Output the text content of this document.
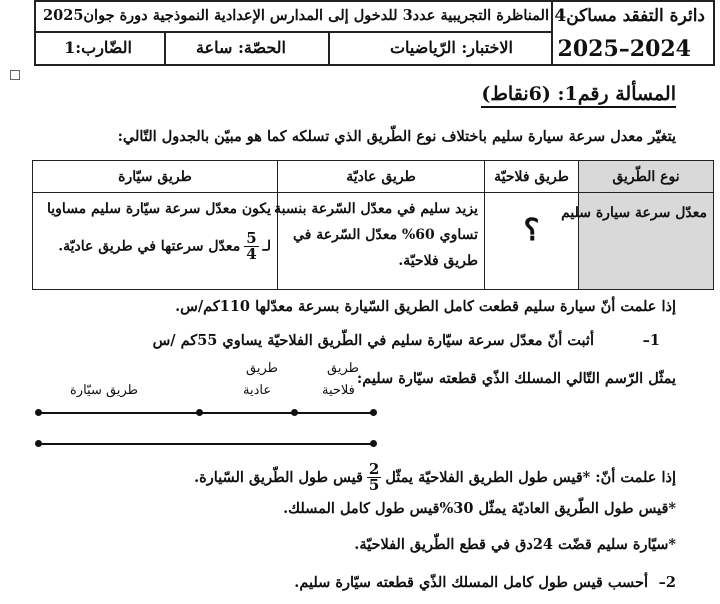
دائرة التفقد مساكن4
2025–2024
المناظرة التجريبية عدد3 للدخول إلى المدارس الإعدادية النموذجية دورة جوان2025
الضّارب:1	الحصّة: ساعة	الاختبار: الرّياضيات
المسألة رقم1: (6نقاط)
يتغيّر معدل سرعة سيارة سليم باختلاف نوع الطّريق الذي تسلكه كما هو مبيّن بالجدول التّالي:
نوع الطّريق
معدّل سرعة سيارة سليم
طريق فلاحيّة
؟
طريق عاديّة
يزيد سليم في معدّل السّرعة بنسبة
تساوي 60% معدّل السّرعة في
طريق فلاحيّة.
طريق سيّارة
يكون معدّل سرعة سيّارة سليم مساويا
لـ
$\frac{5}{4}$
معدّل سرعتها في طريق عاديّة.
إذا علمت أنّ سيارة سليم قطعت كامل الطريق السّيارة بسرعة معدّلها 110كم/س.
1–
أثبت أنّ معدّل سرعة سيّارة سليم في الطّريق الفلاحيّة يساوي 55كم /س
يمثّل الرّسم التّالي المسلك الذّي قطعته سيّارة سليم:
طريق سيّارة
طريق
عادية
طريق
فلاحية
إذا علمت أنّ: *قيس طول الطريق الفلاحيّة يمثّل
$\frac{2}{5}$
قيس طول الطّريق السّيارة.
*قيس طول الطّريق العاديّة يمثّل 30%قيس طول كامل المسلك.
*سيّارة سليم قضّت 24دق في قطع الطّريق الفلاحيّة.
2–
أحسب قيس طول كامل المسلك الذّي قطعته سيّارة سليم.
